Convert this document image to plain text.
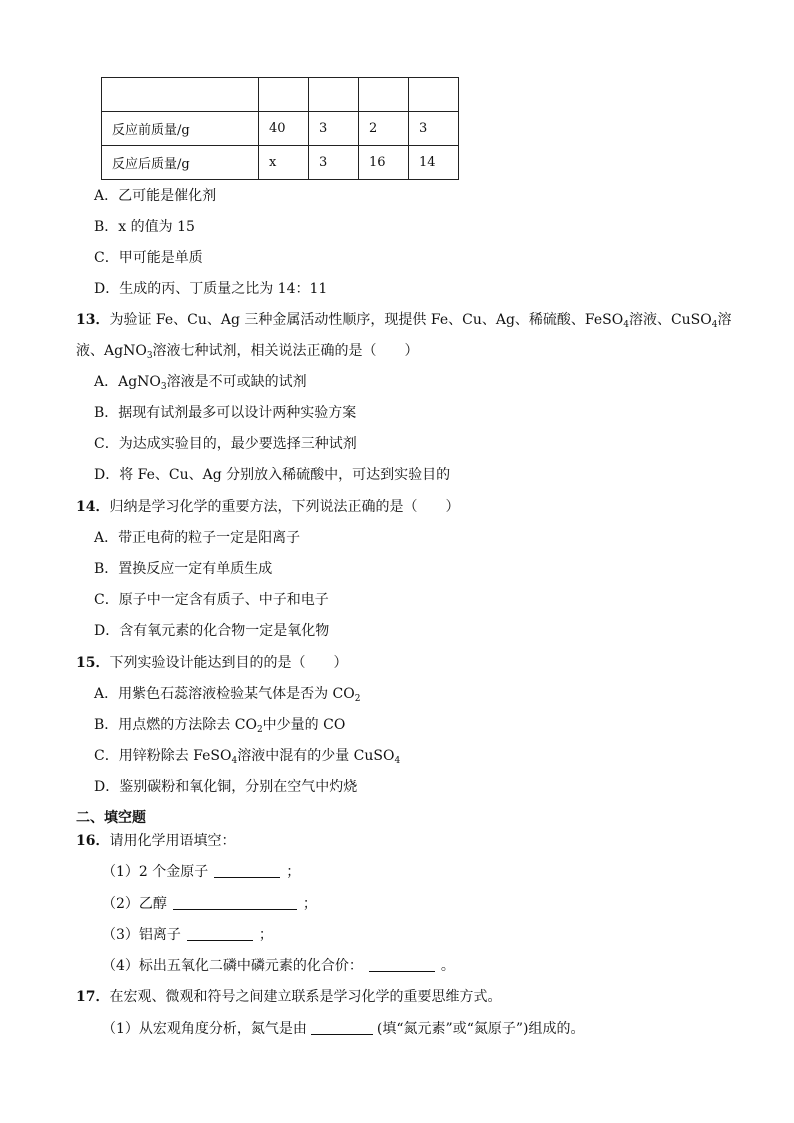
反应前质量/g	40	3	2	3
反应后质量/g	x	3	16	14
A．乙可能是催化剂
B．x 的值为 15
C．甲可能是单质
D．生成的丙、丁质量之比为 14：11
13．为验证 Fe、Cu、Ag 三种金属活动性顺序，现提供 Fe、Cu、Ag、稀硫酸、FeSO$_4$溶液、CuSO$_4$溶
液、AgNO$_3$溶液七种试剂，相关说法正确的是（　　）
A．AgNO$_3$溶液是不可或缺的试剂
B．据现有试剂最多可以设计两种实验方案
C．为达成实验目的，最少要选择三种试剂
D．将 Fe、Cu、Ag 分别放入稀硫酸中，可达到实验目的
14．归纳是学习化学的重要方法，下列说法正确的是（　　）
A．带正电荷的粒子一定是阳离子
B．置换反应一定有单质生成
C．原子中一定含有质子、中子和电子
D．含有氧元素的化合物一定是氧化物
15．下列实验设计能达到目的的是（　　）
A．用紫色石蕊溶液检验某气体是否为 $CO_2$
B．用点燃的方法除去 $CO_2$中少量的 CO
C．用锌粉除去 FeSO$_4$溶液中混有的少量 CuSO$_4$
D．鉴别碳粉和氧化铜，分别在空气中灼烧
二、填空题
16．请用化学用语填空：
（1）2 个金原子	；
（2）乙醇	；
（3）铝离子	；
（4）标出五氧化二磷中磷元素的化合价：	。
17．在宏观、微观和符号之间建立联系是学习化学的重要思维方式。
（1）从宏观角度分析，氮气是由	(填“氮元素”或“氮原子”)组成的。
